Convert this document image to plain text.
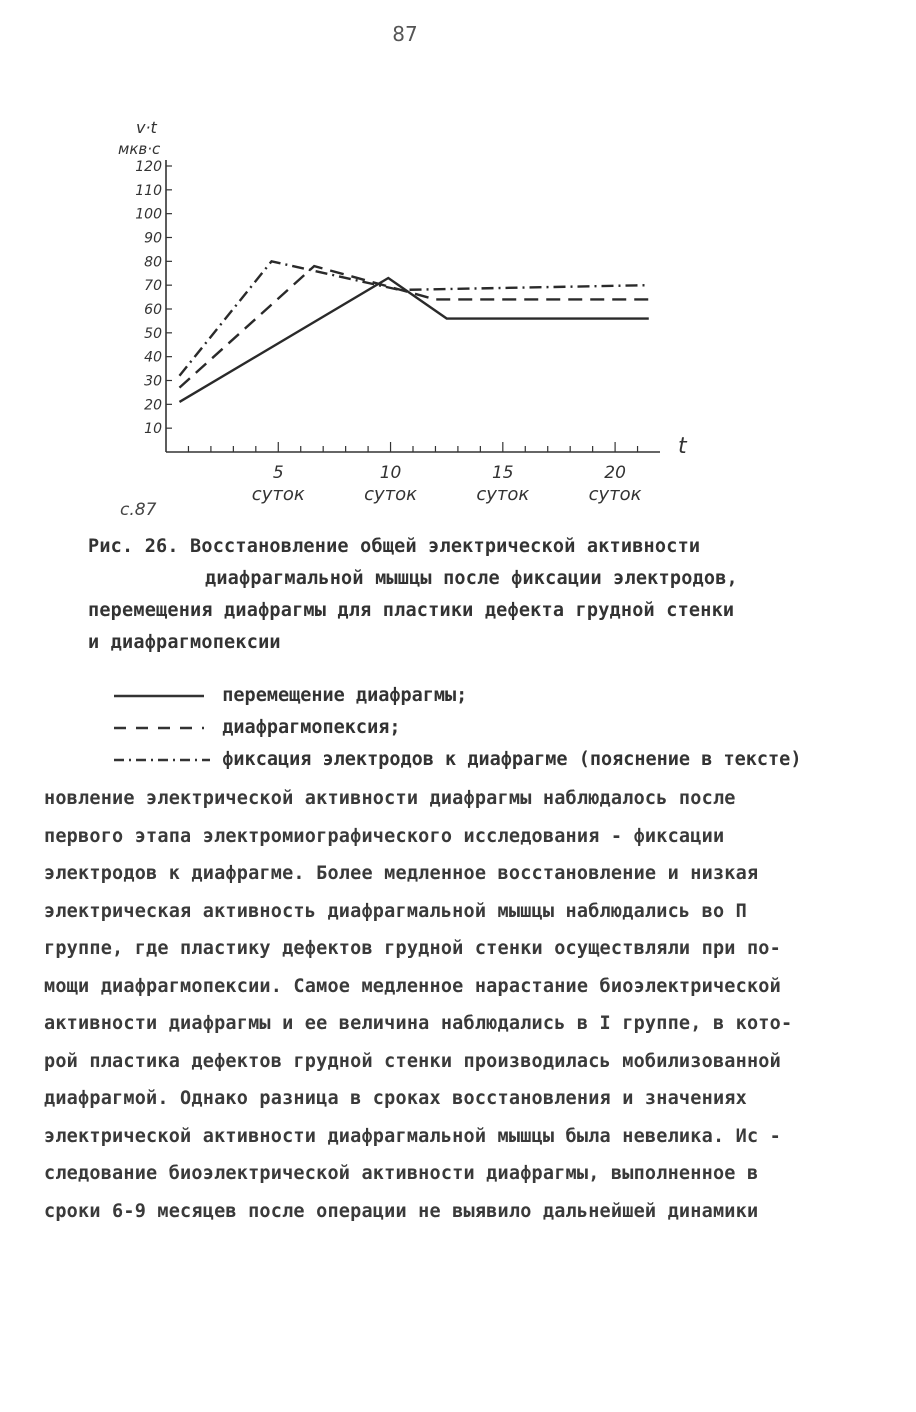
87
10
20
30
40
50
60
70
80
90
100
110
120
5
суток
10
суток
15
суток
20
суток
v·t
мкв·с
t
с.87
Рис. 26. Восстановление общей электрической активности
диафрагмальной мышцы после фиксации электродов,
перемещения диафрагмы для пластики дефекта грудной стенки
и диафрагмопексии

перемещение диафрагмы;

диафрагмопексия;

фиксация электродов к диафрагме (пояснение в тексте)

новление электрической активности диафрагмы наблюдалось после
первого этапа электромиографического исследования - фиксации
электродов к диафрагме. Более медленное восстановление и низкая
электрическая активность диафрагмальной мышцы наблюдались во П
группе, где пластику дефектов грудной стенки осуществляли при по-
мощи диафрагмопексии. Самое медленное нарастание биоэлектрической
активности диафрагмы и ее величина наблюдались в I группе, в кото-
рой пластика дефектов грудной стенки производилась мобилизованной
диафрагмой. Однако разница в сроках восстановления и значениях
электрической активности диафрагмальной мышцы была невелика. Ис -
следование биоэлектрической активности диафрагмы, выполненное в
сроки 6-9 месяцев после операции не выявило дальнейшей динамики
